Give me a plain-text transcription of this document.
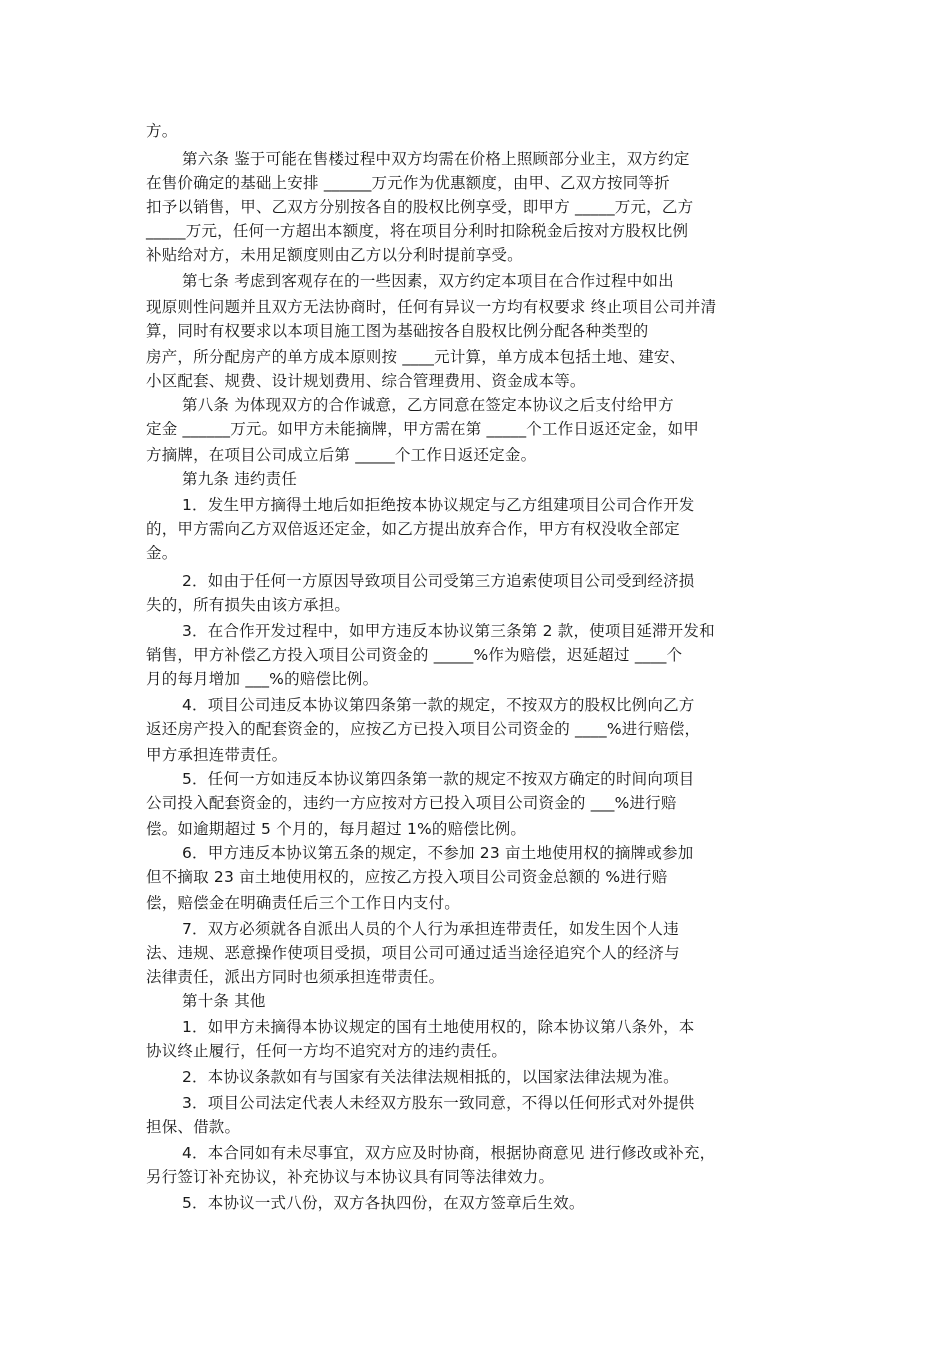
方。
第六条 鉴于可能在售楼过程中双方均需在价格上照顾部分业主，双方约定
在售价确定的基础上安排 ______万元作为优惠额度，由甲、乙双方按同等折
扣予以销售，甲、乙双方分别按各自的股权比例享受，即甲方 _____万元，乙方
_____万元，任何一方超出本额度，将在项目分利时扣除税金后按对方股权比例
补贴给对方，未用足额度则由乙方以分利时提前享受。
第七条 考虑到客观存在的一些因素，双方约定本项目在合作过程中如出
现原则性问题并且双方无法协商时，任何有异议一方均有权要求 终止项目公司并清
算，同时有权要求以本项目施工图为基础按各自股权比例分配各种类型的
房产，所分配房产的单方成本原则按 ____元计算，单方成本包括土地、建安、
小区配套、规费、设计规划费用、综合管理费用、资金成本等。
第八条 为体现双方的合作诚意，乙方同意在签定本协议之后支付给甲方
定金 ______万元。如甲方未能摘牌，甲方需在第 _____个工作日返还定金，如甲
方摘牌，在项目公司成立后第 _____个工作日返还定金。
第九条 违约责任
1．发生甲方摘得土地后如拒绝按本协议规定与乙方组建项目公司合作开发
的，甲方需向乙方双倍返还定金，如乙方提出放弃合作，甲方有权没收全部定
金。
2．如由于任何一方原因导致项目公司受第三方追索使项目公司受到经济损
失的，所有损失由该方承担。
3．在合作开发过程中，如甲方违反本协议第三条第 2 款，使项目延滞开发和
销售，甲方补偿乙方投入项目公司资金的 _____%作为赔偿，迟延超过 ____个
月的每月增加 ___%的赔偿比例。
4．项目公司违反本协议第四条第一款的规定，不按双方的股权比例向乙方
返还房产投入的配套资金的，应按乙方已投入项目公司资金的 ____%进行赔偿，
甲方承担连带责任。
5．任何一方如违反本协议第四条第一款的规定不按双方确定的时间向项目
公司投入配套资金的，违约一方应按对方已投入项目公司资金的 ___%进行赔
偿。如逾期超过 5 个月的，每月超过 1%的赔偿比例。
6．甲方违反本协议第五条的规定，不参加 23 亩土地使用权的摘牌或参加
但不摘取 23 亩土地使用权的，应按乙方投入项目公司资金总额的 %进行赔
偿，赔偿金在明确责任后三个工作日内支付。
7．双方必须就各自派出人员的个人行为承担连带责任，如发生因个人违
法、违规、恶意操作使项目受损，项目公司可通过适当途径追究个人的经济与
法律责任，派出方同时也须承担连带责任。
第十条 其他
1．如甲方未摘得本协议规定的国有土地使用权的，除本协议第八条外，本
协议终止履行，任何一方均不追究对方的违约责任。
2．本协议条款如有与国家有关法律法规相抵的，以国家法律法规为准。
3．项目公司法定代表人未经双方股东一致同意，不得以任何形式对外提供
担保、借款。
4．本合同如有未尽事宜，双方应及时协商，根据协商意见 进行修改或补充，
另行签订补充协议，补充协议与本协议具有同等法律效力。
5．本协议一式八份，双方各执四份，在双方签章后生效。
